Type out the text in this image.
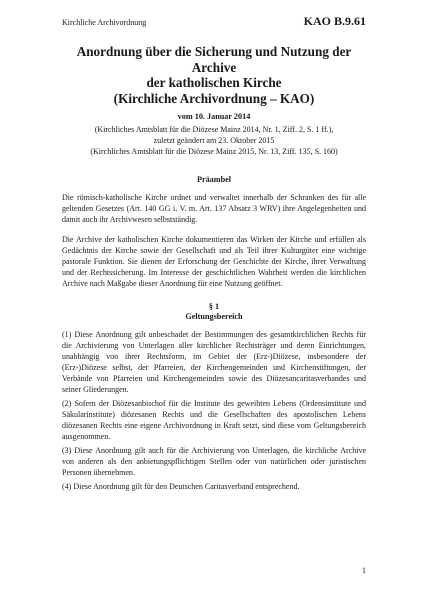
Kirchliche Archivordnung	KAO B.9.61
Anordnung über die Sicherung und Nutzung der Archive
der katholischen Kirche
(Kirchliche Archivordnung – KAO)
vom 10. Januar 2014
(Kirchliches Amtsblatt für die Diözese Mainz 2014, Nr. 1, Ziff. 2, S. 1 ff.),
zuletzt geändert am 23. Oktober 2015
(Kirchliches Amtsblatt für die Diözese Mainz 2015, Nr. 13, Ziff. 135, S. 160)
Präambel

Die römisch-katholische Kirche ordnet und verwaltet innerhalb der Schranken des für alle geltenden Gesetzes (Art. 140 GG i. V. m. Art. 137 Absatz 3 WRV) ihre Angelegenheiten und damit auch ihr Archivwesen selbstständig.

Die Archive der katholischen Kirche dokumentieren das Wirken der Kirche und erfüllen als Gedächtnis der Kirche sowie der Gesellschaft und als Teil ihrer Kulturgüter eine wichtige pastorale Funktion. Sie dienen der Erforschung der Geschichte der Kirche, ihrer Verwaltung und der Rechtssicherung. Im Interesse der geschichtlichen Wahrheit werden die kirchlichen Archive nach Maßgabe dieser Anordnung für eine Nutzung geöffnet.

§ 1
Geltungsbereich

(1) Diese Anordnung gilt unbeschadet der Bestimmungen des gesamtkirchlichen Rechts für die Archivierung von Unterlagen aller kirchlicher Rechtsträger und deren Einrichtungen, unabhängig von ihrer Rechtsform, im Gebiet der (Erz-)Diözese, insbesondere der (Erz-)Diözese selbst, der Pfarreien, der Kirchengemeinden und Kirchenstiftungen, der Verbände von Pfarreien und Kirchengemeinden sowie des Diözesancaritasverbandes und seiner Gliederungen.

(2) Sofern der Diözesanbischof für die Institute des geweihten Lebens (Ordensinstitute und Säkularinstitute) diözesanen Rechts und die Gesellschaften des apostolischen Lebens diözesanen Rechts eine eigene Archivordnung in Kraft setzt, sind diese vom Geltungsbereich ausgenommen.

(3) Diese Anordnung gilt auch für die Archivierung von Unterlagen, die kirchliche Archive von anderen als den anbietungspflichtigen Stellen oder von natürlichen oder juristischen Personen übernehmen.

(4) Diese Anordnung gilt für den Deutschen Caritasverband entsprechend.

1
